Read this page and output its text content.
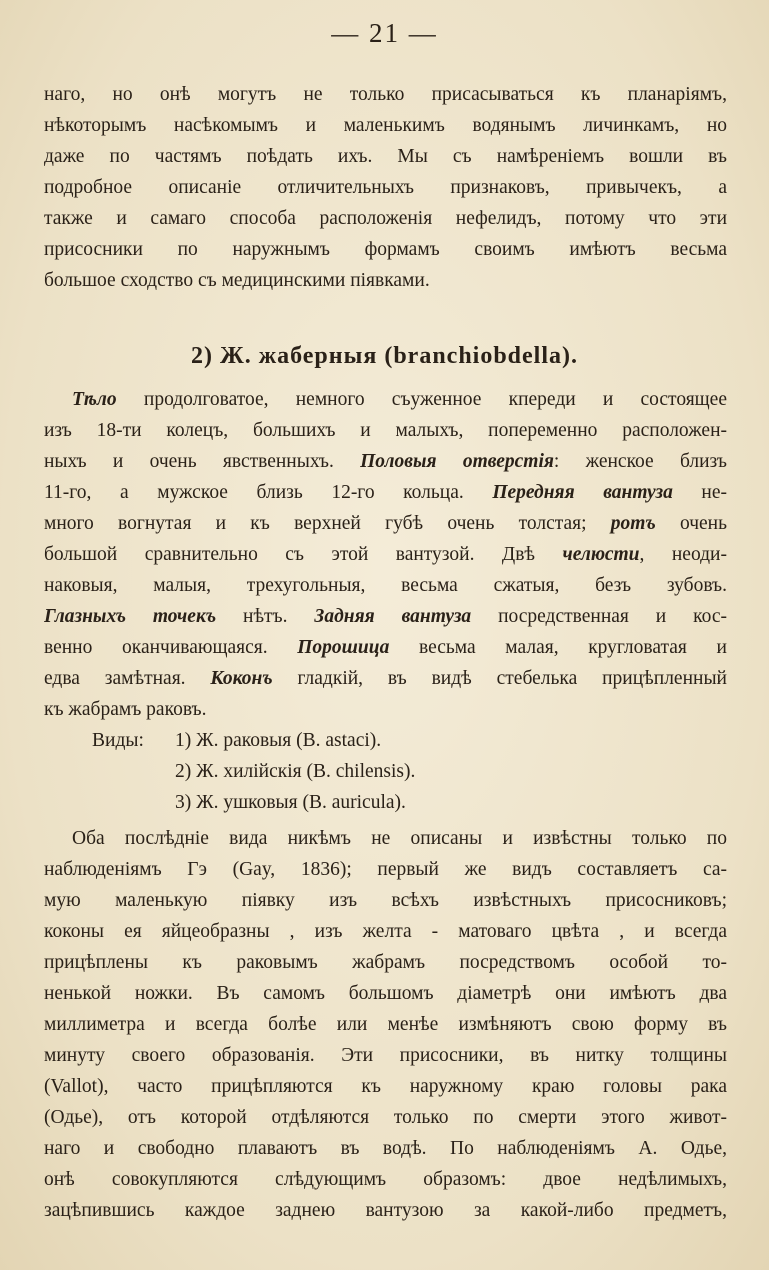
— 21 —
наго, но онѣ могутъ не только присасываться къ планарiямъ,
нѣкоторымъ насѣкомымъ и маленькимъ водянымъ личинкамъ, но
даже по частямъ поѣдать ихъ. Мы съ намѣренiемъ вошли въ
подробное описанiе отличительныхъ признаковъ, привычекъ, а
также и самаго способа расположенiя нефелидъ, потому что эти
присосники по наружнымъ формамъ своимъ имѣютъ весьма
большое сходство съ медицинскими пiявками.
2) Ж. жаберныя (branchiobdella).
Тѣло продолговатое, немного съуженное кпереди и состоящее
изъ 18-ти колецъ, большихъ и малыхъ, попеременно расположен-
ныхъ и очень явственныхъ. Половыя отверстiя: женское близъ
11-го, а мужское близь 12-го кольца. Передняя вантуза не-
много вогнутая и къ верхней губѣ очень толстая; ротъ очень
большой сравнительно съ этой вантузой. Двѣ челюсти, неоди-
наковыя, малыя, трехугольныя, весьма сжатыя, безъ зубовъ.
Глазныхъ точекъ нѣтъ. Задняя вантуза посредственная и кос-
венно оканчивающаяся. Порошица весьма малая, кругловатая и
едва замѣтная. Коконъ гладкiй, въ видѣ стебелька прицѣпленный
къ жабрамъ раковъ.
Виды: 1) Ж. раковыя (B. astaci).
2) Ж. хилiйскiя (B. chilensis).
3) Ж. ушковыя (B. auricula).
Оба послѣднiе вида никѣмъ не описаны и извѣстны только по
наблюденiямъ Гэ (Gay, 1836); первый же видъ составляетъ са-
мую маленькую пiявку изъ всѣхъ извѣстныхъ присосниковъ;
коконы ея яйцеобразны , изъ желта - матоваго цвѣта , и всегда
прицѣплены къ раковымъ жабрамъ посредствомъ особой то-
ненькой ножки. Въ самомъ большомъ дiаметрѣ они имѣютъ два
миллиметра и всегда болѣе или менѣе измѣняютъ свою форму въ
минуту своего образованiя. Эти присосники, въ нитку толщины
(Vallot), часто прицѣпляются къ наружному краю головы рака
(Одье), отъ которой отдѣляются только по смерти этого живот-
наго и свободно плаваютъ въ водѣ. По наблюденiямъ А. Одье,
онѣ совокупляются слѣдующимъ образомъ: двое недѣлимыхъ,
зацѣпившись каждое заднею вантузою за какой-либо предметъ,
